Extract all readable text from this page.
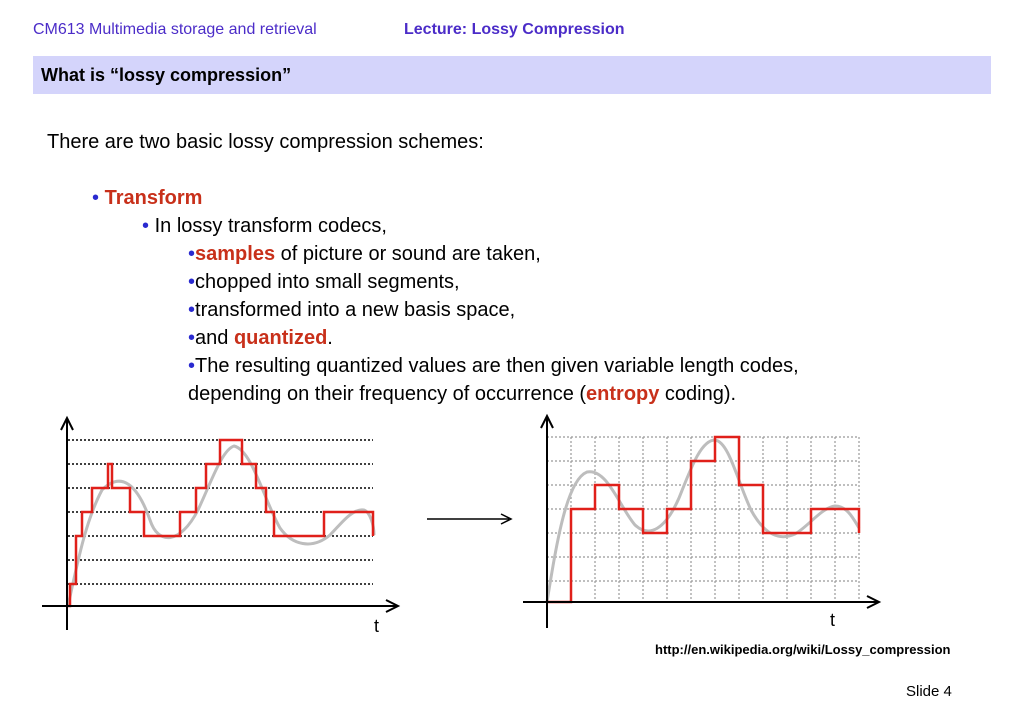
CM613 Multimedia storage and retrieval	Lecture: Lossy Compression
What is “lossy compression”
There are two basic lossy compression schemes:
• Transform
• In lossy transform codecs,
•samples of picture or sound are taken,
•chopped into small segments,
•transformed into a new basis space,
•and quantized.
•The resulting quantized values are then given variable length codes,
depending on their frequency of occurrence (entropy coding).
t	t
http://en.wikipedia.org/wiki/Lossy_compression
Slide 4
